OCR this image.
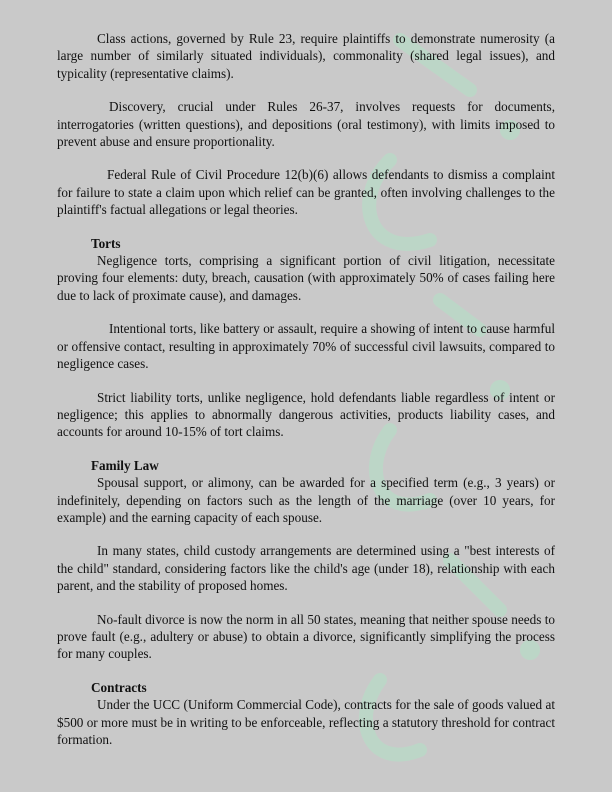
Class actions, governed by Rule 23, require plaintiffs to demonstrate numerosity (a large number of similarly situated individuals), commonality (shared legal issues), and typicality (representative claims).

Discovery, crucial under Rules 26-37, involves requests for documents, interrogatories (written questions), and depositions (oral testimony), with limits imposed to prevent abuse and ensure proportionality.

Federal Rule of Civil Procedure 12(b)(6) allows defendants to dismiss a complaint for failure to state a claim upon which relief can be granted, often involving challenges to the plaintiff's factual allegations or legal theories.

Torts

Negligence torts, comprising a significant portion of civil litigation, necessitate proving four elements: duty, breach, causation (with approximately 50% of cases failing here due to lack of proximate cause), and damages.

Intentional torts, like battery or assault, require a showing of intent to cause harmful or offensive contact, resulting in approximately 70% of successful civil lawsuits, compared to negligence cases.

Strict liability torts, unlike negligence, hold defendants liable regardless of intent or negligence; this applies to abnormally dangerous activities, products liability cases, and accounts for around 10-15% of tort claims.

Family Law

Spousal support, or alimony, can be awarded for a specified term (e.g., 3 years) or indefinitely, depending on factors such as the length of the marriage (over 10 years, for example) and the earning capacity of each spouse.

In many states, child custody arrangements are determined using a "best interests of the child" standard, considering factors like the child's age (under 18), relationship with each parent, and the stability of proposed homes.

No-fault divorce is now the norm in all 50 states, meaning that neither spouse needs to prove fault (e.g., adultery or abuse) to obtain a divorce, significantly simplifying the process for many couples.

Contracts

Under the UCC (Uniform Commercial Code), contracts for the sale of goods valued at $500 or more must be in writing to be enforceable, reflecting a statutory threshold for contract formation.
